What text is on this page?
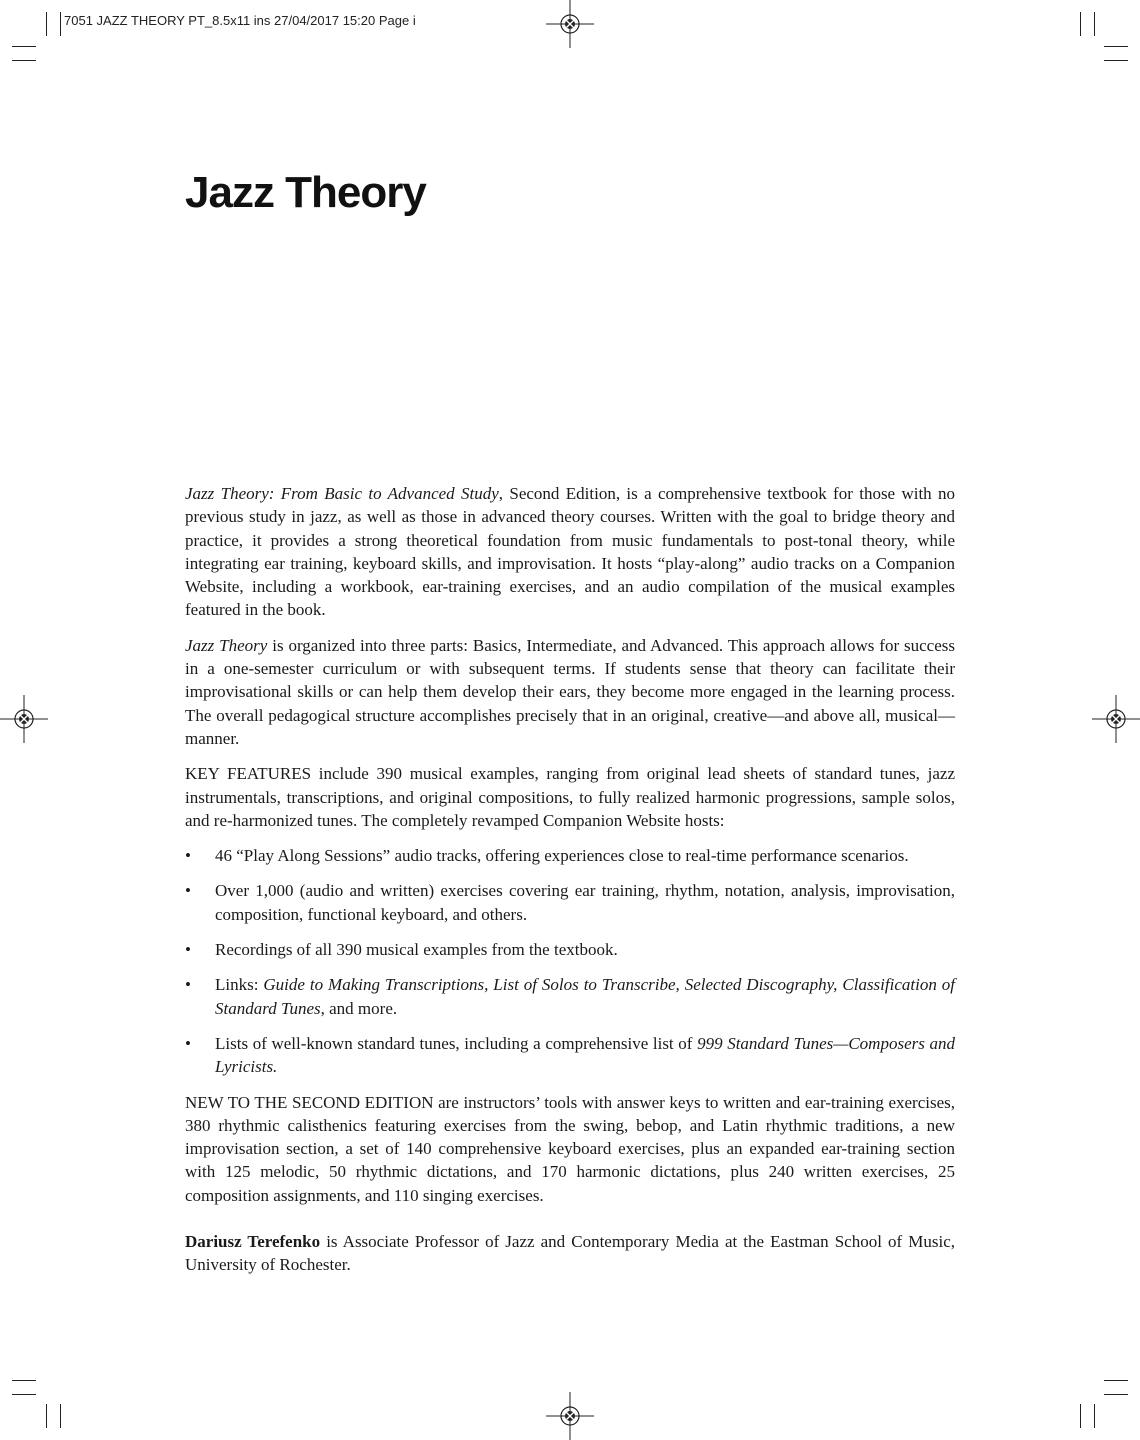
7051 JAZZ THEORY PT_8.5x11 ins 27/04/2017 15:20 Page i
Jazz Theory

Jazz Theory: From Basic to Advanced Study, Second Edition, is a comprehensive textbook for those with no previous study in jazz, as well as those in advanced theory courses. Written with the goal to bridge theory and practice, it provides a strong theoretical foundation from music fundamentals to post-tonal theory, while integrating ear training, keyboard skills, and improvisation. It hosts “play-along” audio tracks on a Companion Website, including a workbook, ear-training exercises, and an audio compilation of the musical examples featured in the book.

Jazz Theory is organized into three parts: Basics, Intermediate, and Advanced. This approach allows for success in a one-semester curriculum or with subsequent terms. If students sense that theory can facilitate their improvisational skills or can help them develop their ears, they become more engaged in the learning process. The overall pedagogical structure accomplishes precisely that in an original, creative—and above all, musical—manner.

KEY FEATURES include 390 musical examples, ranging from original lead sheets of standard tunes, jazz instrumentals, transcriptions, and original compositions, to fully realized harmonic progressions, sample solos, and re-harmonized tunes. The completely revamped Companion Website hosts:

• 46 “Play Along Sessions” audio tracks, offering experiences close to real-time performance scenarios.
• Over 1,000 (audio and written) exercises covering ear training, rhythm, notation, analysis, improvisation, composition, functional keyboard, and others.
• Recordings of all 390 musical examples from the textbook.
• Links: Guide to Making Transcriptions, List of Solos to Transcribe, Selected Discography, Classification of Standard Tunes, and more.
• Lists of well-known standard tunes, including a comprehensive list of 999 Standard Tunes—Composers and Lyricists.

NEW TO THE SECOND EDITION are instructors’ tools with answer keys to written and ear-training exercises, 380 rhythmic calisthenics featuring exercises from the swing, bebop, and Latin rhythmic traditions, a new improvisation section, a set of 140 comprehensive keyboard exercises, plus an expanded ear-training section with 125 melodic, 50 rhythmic dictations, and 170 harmonic dictations, plus 240 written exercises, 25 composition assignments, and 110 singing exercises.

Dariusz Terefenko is Associate Professor of Jazz and Contemporary Media at the Eastman School of Music, University of Rochester.
